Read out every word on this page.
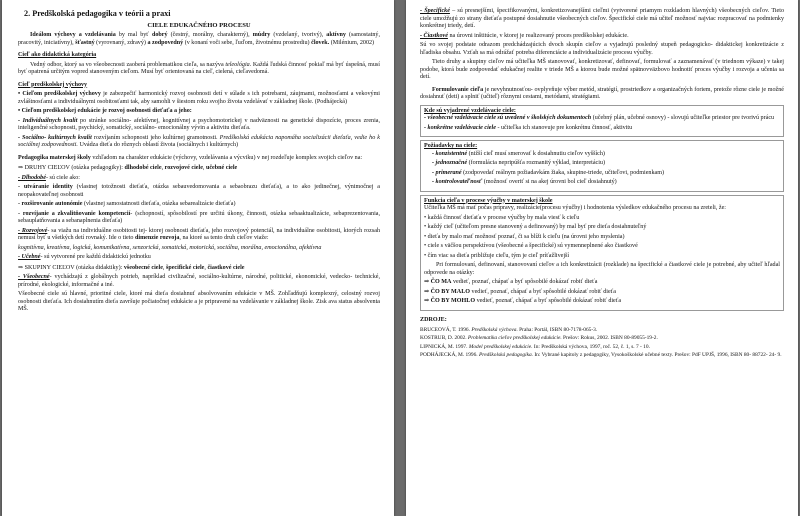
2. Predškolská pedagogika v teórii a praxi
CIELE EDUKAČNÉHO PROCESU

Ideálom výchovy a vzdelávania by mal byť dobrý (čestný, morálny, charakterný), múdry (vzdelaný, tvorivý), aktívny (samostatný, pracovitý, iniciatívny), šťastný (vyrovnaný, zdravý) a zodpovedný (v konaní voči sebe, ľuďom, životnému prostrediu) človek. (Milénium, 2002)

Cieľ ako didaktická kategória

Vedný odbor, ktorý sa vo všeobecnosti zaoberá problematikou cieľa, sa nazýva teleológia. Každá ľudská činnosť pokiaľ má byť úspešná, musí byť opatrená určitým vopred stanoveným cieľom. Musí byť orientovaná na cieľ, cielená, cieľavedomá.

Cieľ predškolskej výchovy

• Cieľom predškolskej výchovy je zabezpečiť harmonický rozvoj osobnosti detí v súlade s ich potrebami, záujmami, možnosťami a vekovými zvláštnosťami a individuálnymi osobitosťami tak, aby samohli v šiestom roku svojho života vzdelávať v základnej škole. (Podhájecká)

• Cieľom predškolskej edukácie je rozvoj osobnosti dieťaťa a jeho:

- Individuálnych kvalít po stránke sociálno- afektívnej, kognitívnej a psychomotorickej v nadväznosti na genetické dispozície, proces zrenia, inteligenčné schopnosti, psychický, somatický, sociálno- emocionálny vývin a aktivitu dieťaťa.

- Sociálno- kultúrnych kvalít rozvíjaním schopnosti jeho kultúrnej gramotnosti. Predškolská edukácia napomáha socializácii dieťaťa, vedie ho k sociálnej zodpovednosti. Uvádza dieťa do rôznych oblastí života (sociálnych i kultúrnych)

Pedagogika materskej školy vzhľadom na charakter edukácie (výchovy, vzdelávania a výcviku) v nej rozdeľuje komplex svojich cieľov na:

⇒ DRUHY CIEĽOV (otázka pedagogiky): dlhodobé ciele, rozvojové ciele, učebné ciele

- Dlhodobé- sú ciele ako:

- utváranie identity (vlastnej totožnosti dieťaťa, otázka sebauvedomovania a sebaobrazu dieťaťa), a to ako jedinečnej, výnimočnej a neopakovateľnej osobnosti

- rozširovanie autonómie (vlastnej samostatnosti dieťaťa, otázka sebarealizácie dieťaťa)

- rozvíjanie a zkvalitňovanie kompetencií- (schopností, spôsobilostí pre určitú úkony, činnosti, otázka sebaaktualizácie, sebaprezentovania, sebauplatňovania a sebanaplnenia dieťaťa)

- Rozvojové- sa viažu na individuálne osobitosti tej- ktorej osobnosti dieťaťa, jeho rozvojový potenciál, na individuálne osobitosti, ktorých rozsah nemusí byť u všetkých detí rovnaký. Ide o tieto dimenzie rozvoja, na ktoré sa tento druh cieľov viaže:

kognitívna, kreatívna, logická, komunikatívna, senzorická, somatická, motorická, sociálna, morálna, emocionálna, afektívna

- Učebné- sú vytvorené pre každú didaktickú jednotku

⇒ SKUPINY CIEĽOV (otázka didaktiky): všeobecné ciele, špecifické ciele, čiastkové ciele

- Všeobecné- vychádzajú z globálnych potrieb, napríklad civilizačné, sociálno-kultúrne, národné, politické, ekonomické, vedecko- technické, prírodné, ekologické, informačné a iné.

Všeobecné ciele sú hlavné, prioritné ciele, ktoré má dieťa dosiahnuť absolvovaním edukácie v MŠ. Zohľadňujú komplexný, celostný rozvoj osobnosti dieťaťa. Ich dosiahnutím dieťa završuje počiatočnej edukácie a je pripravené na vzdelávanie v základnej škole. Zisk ava status absolventa MŠ.

- Špecifické – sú presnejšími, špecifikovanými, konkretizovanejšími cieľmi (vytvorené priamym rozkladom hlavných) všeobecných cieľov. Tieto ciele umožňujú zo strany dieťaťa postupné dosiahnutie všeobecných cieľov. Špecifické ciele má učiteľ možnosť najviac rozpracovať na podmienky konkrétnej triedy, detí.

- Čiastkové na úrovni inštitúcie, v ktorej je realizovaný proces predškolskej edukácie.

Sú vo svojej podstate odrazom predchádzajúcich dvoch skupín cieľov a vyjadrujú posledný stupeň pedagogicko- didaktickej konkretizácie z hľadiska obsahu. Vzťah sa má odrážať potreba diferenciácie a individualizácie procesu výučby.

Tieto druhy a skupiny cieľov má učiteľka MŠ stanovovať, konkretizovať, definovať, formulovať a zaznamenávať (v triednom výkaze) v takej podobe, ktorá bude zodpovedať edukačnej realite v triede MŠ a ktorou bude možné spätnovväzbovo hodnotiť proces výučby i rozvoja a učenia sa detí.

Formulovanie cieľa je nevyhnutnosťou- ovplyvňuje výber metód, stratégií, prostriedkov a organizačných foriem, pretože rôzne ciele je možné dosiahnuť (deti) a splniť (učiteľ) rôznymi cestami, metódami, stratégiami.

Kde sú vyjadrené vzdelávacie ciele:

- všeobecné vzdelávacie ciele sú uvedené v školských dokumentoch (učebný plán, učebné osnovy) - slovujú učiteľke priestor pre tvorivú prácu

- konkrétne vzdelávacie ciele - učiteľka ich stanovuje pre konkrétnu činnosť, aktivitu

Požiadavky na ciele:

- konzistentné (nižší cieľ musí smerovať k dosiahnutiu cieľov vyšších)

- jednoznačné (formulácia nepripúšťa rozmanitý výklad, interpretáciu)

- primerané (zodpovedať reálnym požiadavkám žiaka, skupine-triede, učiteľovi, podmienkam)

- kontrolovateľnosť (možnosť overiť si na akej úrovni bol cieľ dosiahnutý)

Funkcia cieľa v procese výučby v materskej škole

Učiteľka MŠ má mať počas prípravy, realizácie(procesu výučby) i hodnotenia výsledkov edukačného procesu na zreteli, že:

• každá činnosť dieťaťa v procese výučby by mala viesť k cieľu

• každý cieľ (učiteľom presne stanovený a definovaný) by mal byť pre dieťa dosiahnuteľný

• dieťa by malo mať možnosť poznať, či sa blíži k cieľu (na úrovni jeho myslenia)

• ciele s väčšou perspektívou (všeobecné a špecifické) sú vymenneplnené ako čiastkové

• čím viac sa dieťa približuje cieľu, tým je cieľ príťažlivejší

Pri formulovaní, definovaní, stanovovaní cieľov a ich konkretizácii (rozklade) na špecifické a čiastkové ciele je potrebné, aby učiteľ hľadal odpovede na otázky:

⇒ ČO MA vedieť, poznať, chápať a byť spôsobilé dokázať robiť dieťa

⇒ ČO BY MALO vedieť, poznať, chápať a byť spôsobilé dokázať robiť dieťa

⇒ ČO BY MOHLO vedieť, poznať, chápať a byť spôsobilé dokázať robiť dieťa

ZDROJE:

BRUCEOVÁ, T. 1996. Predškolská výchova. Praha: Portál, ISBN 80-7178-065-3.

KOSTRUB, D. 2002. Problematika cieľov predškolskej edukácie. Prešov: Rokus, 2002. ISBN 80-89055-19-2.

LIPNICKÁ, M. 1997. Model predškolskej edukácie. In: Predškolská výchova, 1997, roč. 52, č. 1, s. 7 - 10.

PODHÁJECKÁ, M. 1996. Predškolská pedagogika. In: Vybrané kapitoly z pedagogiky, Vysokoškolské učebné texty. Prešov: PdF UPJŠ, 1996, ISBN 80- 88722- 24- 9.
